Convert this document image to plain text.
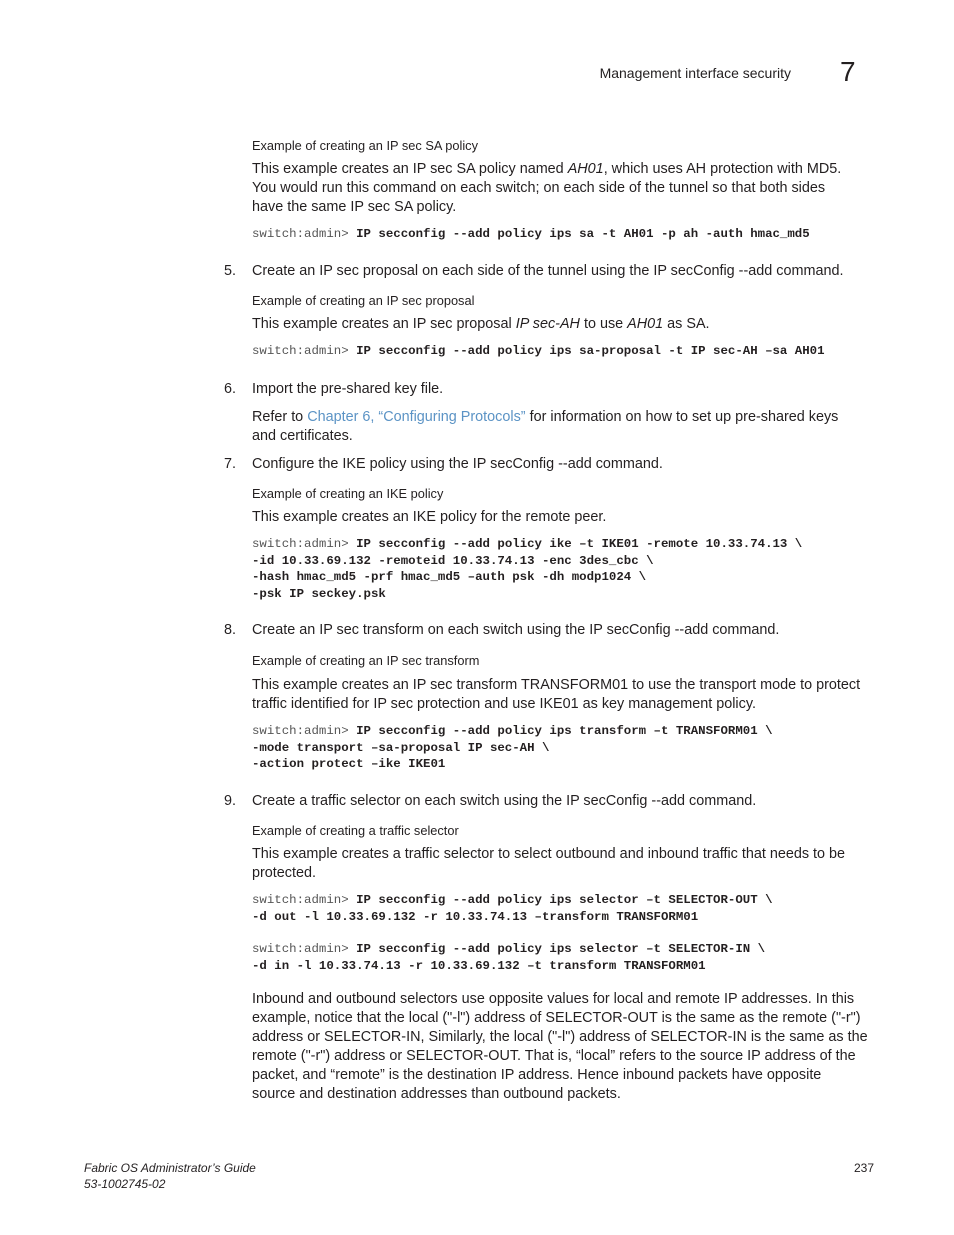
Management interface security 7
Example of creating an IP sec SA policy
This example creates an IP sec SA policy named AH01, which uses AH protection with MD5.
You would run this command on each switch; on each side of the tunnel so that both sides
have the same IP sec SA policy.
switch:admin> IP secconfig --add policy ips sa -t AH01 -p ah -auth hmac_md5
5. Create an IP sec proposal on each side of the tunnel using the IP secConfig --add command.
Example of creating an IP sec proposal
This example creates an IP sec proposal IP sec-AH to use AH01 as SA.
switch:admin> IP secconfig --add policy ips sa-proposal -t IP sec-AH –sa AH01
6. Import the pre-shared key file.
Refer to Chapter 6, “Configuring Protocols” for information on how to set up pre-shared keys
and certificates.
7. Configure the IKE policy using the IP secConfig --add command.
Example of creating an IKE policy
This example creates an IKE policy for the remote peer.
switch:admin> IP secconfig --add policy ike –t IKE01 -remote 10.33.74.13 \
-id 10.33.69.132 -remoteid 10.33.74.13 -enc 3des_cbc \
-hash hmac_md5 -prf hmac_md5 –auth psk -dh modp1024 \
-psk IP seckey.psk
8. Create an IP sec transform on each switch using the IP secConfig --add command.
Example of creating an IP sec transform
This example creates an IP sec transform TRANSFORM01 to use the transport mode to protect
traffic identified for IP sec protection and use IKE01 as key management policy.
switch:admin> IP secconfig --add policy ips transform –t TRANSFORM01 \
-mode transport –sa-proposal IP sec-AH \
-action protect –ike IKE01
9. Create a traffic selector on each switch using the IP secConfig --add command.
Example of creating a traffic selector
This example creates a traffic selector to select outbound and inbound traffic that needs to be
protected.
switch:admin> IP secconfig --add policy ips selector –t SELECTOR-OUT \
-d out -l 10.33.69.132 -r 10.33.74.13 –transform TRANSFORM01
switch:admin> IP secconfig --add policy ips selector –t SELECTOR-IN \
-d in -l 10.33.74.13 -r 10.33.69.132 –t transform TRANSFORM01
Inbound and outbound selectors use opposite values for local and remote IP addresses. In this
example, notice that the local ("-l") address of SELECTOR-OUT is the same as the remote ("-r")
address or SELECTOR-IN, Similarly, the local ("-l") address of SELECTOR-IN is the same as the
remote ("-r") address or SELECTOR-OUT. That is, “local” refers to the source IP address of the
packet, and “remote” is the destination IP address. Hence inbound packets have opposite
source and destination addresses than outbound packets.
Fabric OS Administrator’s Guide
53-1002745-02
237
